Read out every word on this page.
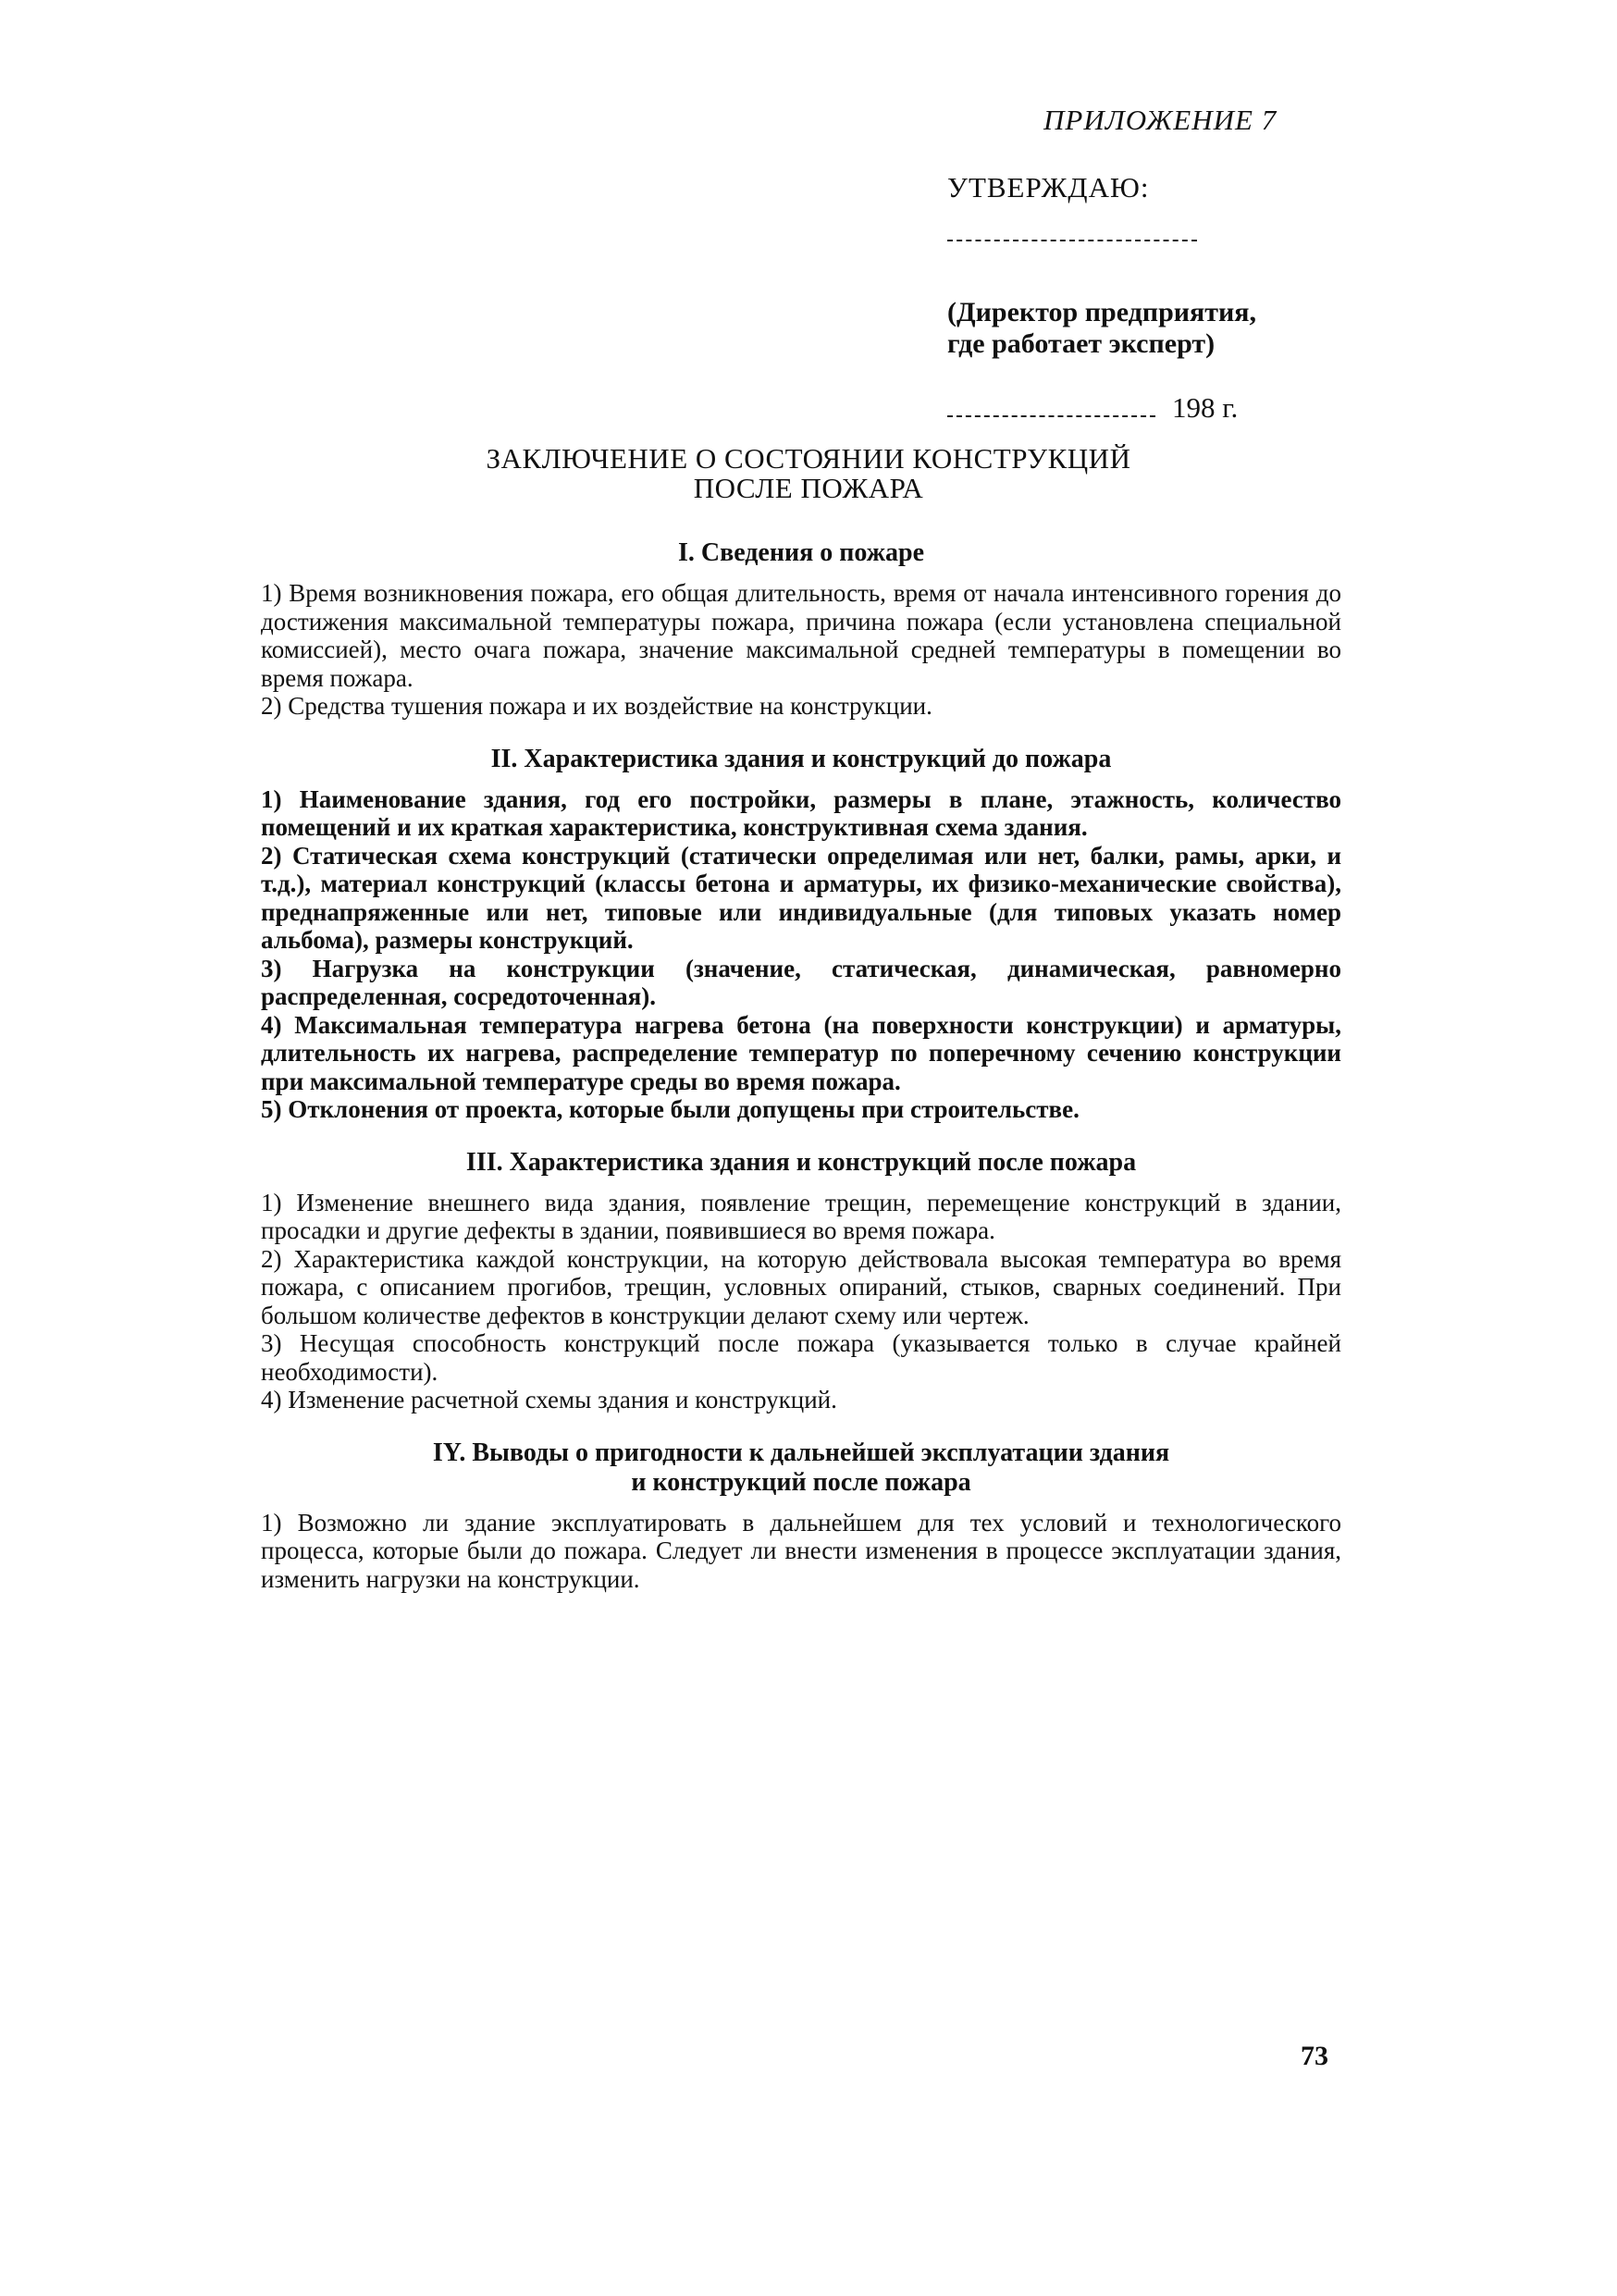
ПРИЛОЖЕНИЕ 7
УТВЕРЖДАЮ:
(Директор предприятия,
где работает эксперт)
198 г.
ЗАКЛЮЧЕНИЕ О СОСТОЯНИИ КОНСТРУКЦИЙ
ПОСЛЕ ПОЖАРА
I. Сведения о пожаре

1) Время возникновения пожара, его общая длительность, время от начала интенсивного горения до достижения максимальной температуры пожара, причина пожара (если установлена специальной комиссией), место очага пожара, значение максимальной средней температуры в помещении во время пожара.

2) Средства тушения пожара и их воздействие на конструкции.

II. Характеристика здания и конструкций до пожара

1) Наименование здания, год его постройки, размеры в плане, этажность, количество помещений и их краткая характеристика, конструктивная схема здания.

2) Статическая схема конструкций (статически определимая или нет, балки, рамы, арки, и т.д.), материал конструкций (классы бетона и арматуры, их физико-механические свойства), преднапряженные или нет, типовые или индивидуальные (для типовых указать номер альбома), размеры конструкций.

3) Нагрузка на конструкции (значение, статическая, динамическая, равномерно распределенная, сосредоточенная).

4) Максимальная температура нагрева бетона (на поверхности конструкции) и арматуры, длительность их нагрева, распределение температур по поперечному сечению конструкции при максимальной температуре среды во время пожара.

5) Отклонения от проекта, которые были допущены при строительстве.

III. Характеристика здания и конструкций после пожара

1) Изменение внешнего вида здания, появление трещин, перемещение конструкций в здании, просадки и другие дефекты в здании, появившиеся во время пожара.

2) Характеристика каждой конструкции, на которую действовала высокая температура во время пожара, с описанием прогибов, трещин, условных опираний, стыков, сварных соединений. При большом количестве дефектов в конструкции делают схему или чертеж.

3) Несущая способность конструкций после пожара (указывается только в случае крайней необходимости).

4) Изменение расчетной схемы здания и конструкций.

IY. Выводы о пригодности к дальнейшей эксплуатации здания
и конструкций после пожара

1) Возможно ли здание эксплуатировать в дальнейшем для тех условий и технологического процесса, которые были до пожара. Следует ли внести изменения в процессе эксплуатации здания, изменить нагрузки на конструкции.

73
